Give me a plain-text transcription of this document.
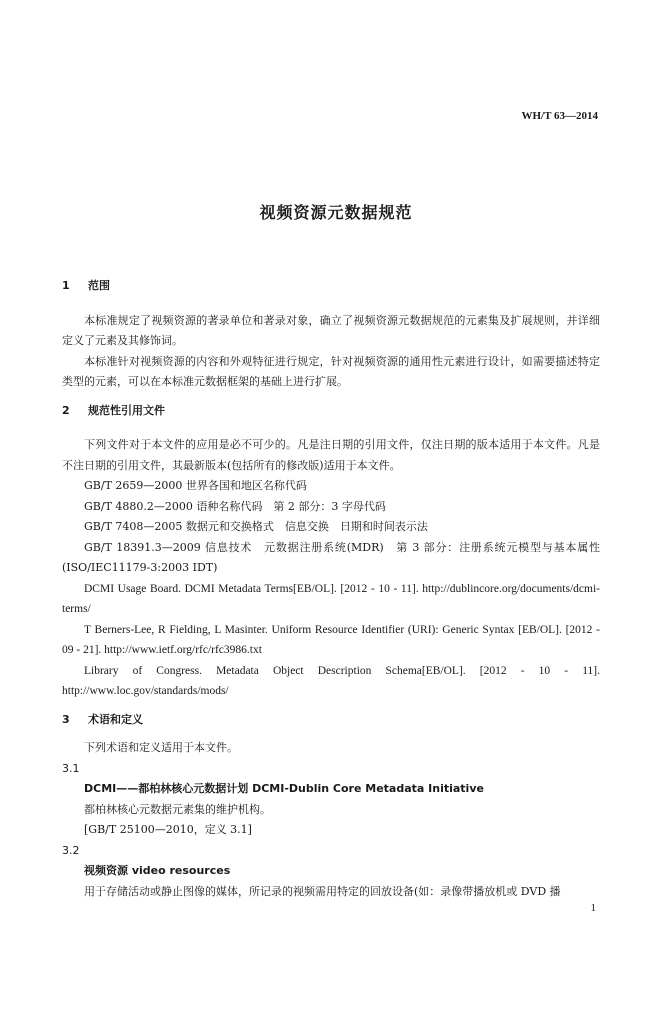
WH/T 63—2014
视频资源元数据规范

1 范围

本标准规定了视频资源的著录单位和著录对象，确立了视频资源元数据规范的元素集及扩展规则，并详细定义了元素及其修饰词。

本标准针对视频资源的内容和外观特征进行规定，针对视频资源的通用性元素进行设计，如需要描述特定类型的元素，可以在本标准元数据框架的基础上进行扩展。

2 规范性引用文件

下列文件对于本文件的应用是必不可少的。凡是注日期的引用文件，仅注日期的版本适用于本文件。凡是不注日期的引用文件，其最新版本(包括所有的修改版)适用于本文件。

GB/T 2659—2000 世界各国和地区名称代码

GB/T 4880.2—2000 语种名称代码　第 2 部分：3 字母代码

GB/T 7408—2005 数据元和交换格式　信息交换　日期和时间表示法

GB/T 18391.3—2009 信息技术　元数据注册系统(MDR)　第 3 部分：注册系统元模型与基本属性(ISO/IEC11179-3:2003 IDT)

DCMI Usage Board. DCMI Metadata Terms[EB/OL]. [2012 - 10 - 11]. http://dublincore.org/documents/dcmi-terms/

T Berners-Lee, R Fielding, L Masinter. Uniform Resource Identifier (URI): Generic Syntax [EB/OL]. [2012 - 09 - 21]. http://www.ietf.org/rfc/rfc3986.txt

Library of Congress. Metadata Object Description Schema[EB/OL]. [2012 - 10 - 11]. http://www.loc.gov/standards/mods/

3 术语和定义

下列术语和定义适用于本文件。

3.1

DCMI——都柏林核心元数据计划 DCMI-Dublin Core Metadata Initiative

都柏林核心元数据元素集的维护机构。

[GB/T 25100—2010，定义 3.1]

3.2

视频资源 video resources

用于存储活动或静止图像的媒体，所记录的视频需用特定的回放设备(如：录像带播放机或 DVD 播

1
